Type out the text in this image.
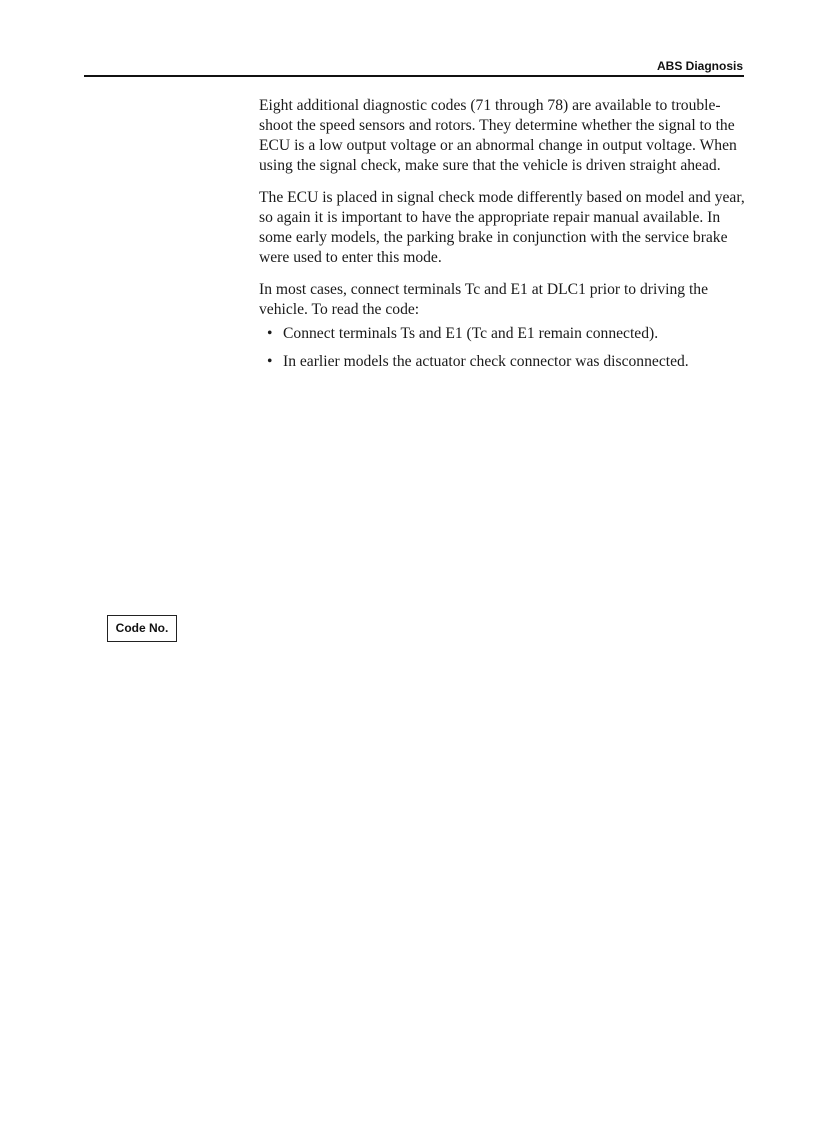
ABS Diagnosis

Eight additional diagnostic codes (71 through 78) are available to trouble-shoot the speed sensors and rotors. They determine whether the signal to the ECU is a low output voltage or an abnormal change in output voltage. When using the signal check, make sure that the vehicle is driven straight ahead.

The ECU is placed in signal check mode differently based on model and year, so again it is important to have the appropriate repair manual available. In some early models, the parking brake in conjunction with the service brake were used to enter this mode.

In most cases, connect terminals Tc and E1 at DLC1 prior to driving the vehicle. To read the code:

• Connect terminals Ts and E1 (Tc and E1 remain connected).
• In earlier models the actuator check connector was disconnected.
Code No.
